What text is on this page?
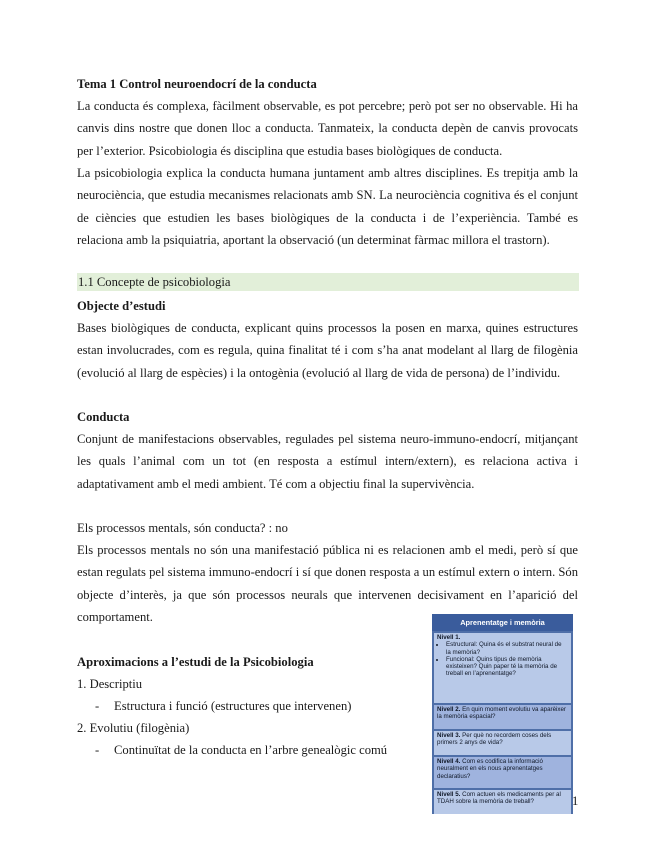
Tema 1 Control neuroendocrí de la conducta
La conducta és complexa, fàcilment observable, es pot percebre; però pot ser no observable. Hi ha canvis dins nostre que donen lloc a conducta. Tanmateix, la conducta depèn de canvis provocats per l’exterior. Psicobiologia és disciplina que estudia bases biològiques de conducta.
La psicobiologia explica la conducta humana juntament amb altres disciplines. Es trepitja amb la neurociència, que estudia mecanismes relacionats amb SN. La neurociència cognitiva és el conjunt de ciències que estudien les bases biològiques de la conducta i de l’experiència. També es relaciona amb la psiquiatria, aportant la observació (un determinat fàrmac millora el trastorn).
1.1 Concepte de psicobiologia
Objecte d’estudi
Bases biològiques de conducta, explicant quins processos la posen en marxa, quines estructures estan involucrades, com es regula, quina finalitat té i com s’ha anat modelant al llarg de filogènia (evolució al llarg de espècies) i la ontogènia (evolució al llarg de vida de persona) de l’individu.
Conducta
Conjunt de manifestacions observables, regulades pel sistema neuro-immuno-endocrí, mitjançant les quals l’animal com un tot (en resposta a estímul intern/extern), es relaciona activa i adaptativament amb el medi ambient. Té com a objectiu final la supervivència.
Els processos mentals, són conducta? : no
Els processos mentals no són una manifestació pública ni es relacionen amb el medi, però sí que estan regulats pel sistema immuno-endocrí i sí que donen resposta a un estímul extern o intern. Són objecte d’interès, ja que són processos neurals que intervenen decisivament en l’aparició del comportament.
Aproximacions a l’estudi de la Psicobiologia
1. Descriptiu
- Estructura i funció (estructures que intervenen)
2. Evolutiu (filogènia)
- Continuïtat de la conducta en l’arbre genealògic comú
Aprenentatge i memòria
Nivell 1.
• Estructural: Quina és el substrat neural de la memòria?
• Funcional: Quins tipus de memòria existeixen? Quin paper té la memòria de treball en l’aprenentatge?
Nivell 2. En quin moment evolutiu va aparèixer la memòria espacial?
Nivell 3. Per què no recordem coses dels primers 2 anys de vida?
Nivell 4. Com es codifica la informació neuralment en els nous aprenentatges declaratius?
Nivell 5. Com actuen els medicaments per al TDAH sobre la memòria de treball?	1
